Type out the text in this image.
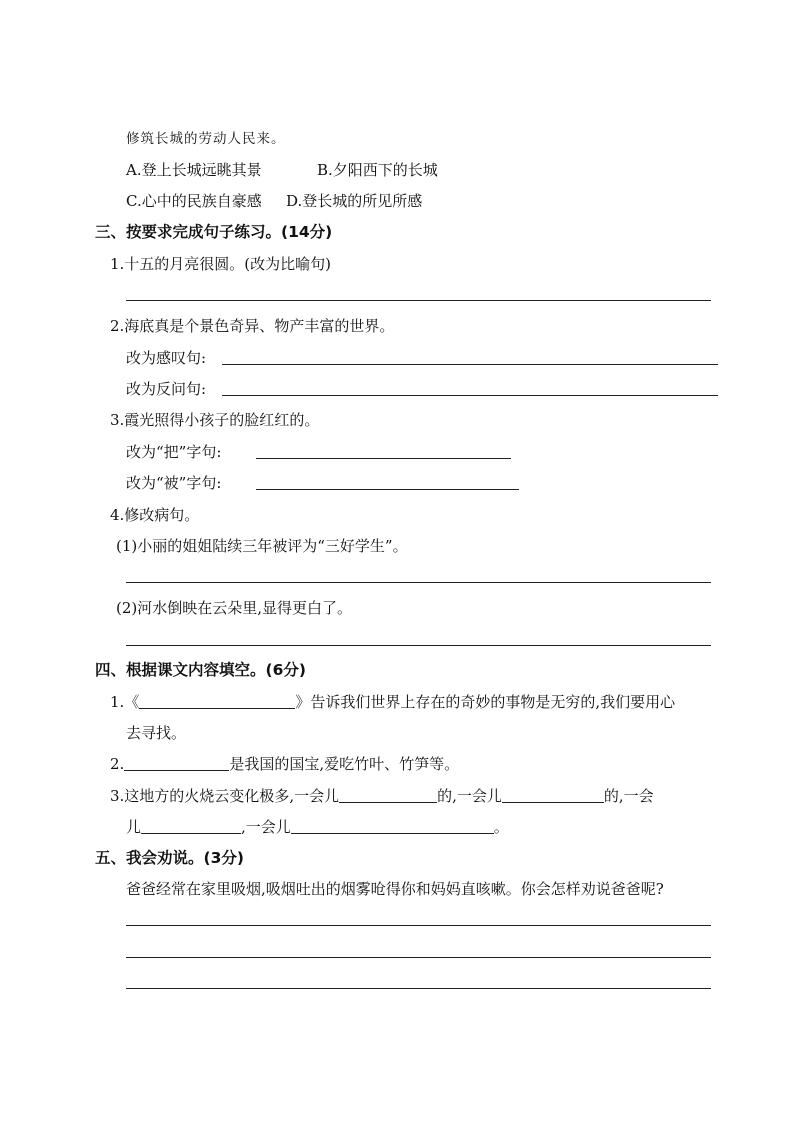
修筑长城的劳动人民来。
A.登上长城远眺其景	B.夕阳西下的长城
C.心中的民族自豪感 D.登长城的所见所感
三、按要求完成句子练习。(14分)
1.十五的月亮很圆。(改为比喻句)
2.海底真是个景色奇异、物产丰富的世界。
改为感叹句:
改为反问句:
3.霞光照得小孩子的脸红红的。
改为“把”字句:
改为“被”字句:
4.修改病句。
(1)小丽的姐姐陆续三年被评为“三好学生”。
(2)河水倒映在云朵里,显得更白了。
四、根据课文内容填空。(6分)
1.《	》告诉我们世界上存在的奇妙的事物是无穷的,我们要用心
去寻找。
2.	是我国的国宝,爱吃竹叶、竹笋等。
3.这地方的火烧云变化极多,一会儿	的,一会儿	的,一会
儿	,一会儿	。
五、我会劝说。(3分)
爸爸经常在家里吸烟,吸烟吐出的烟雾呛得你和妈妈直咳嗽。你会怎样劝说爸爸呢?
